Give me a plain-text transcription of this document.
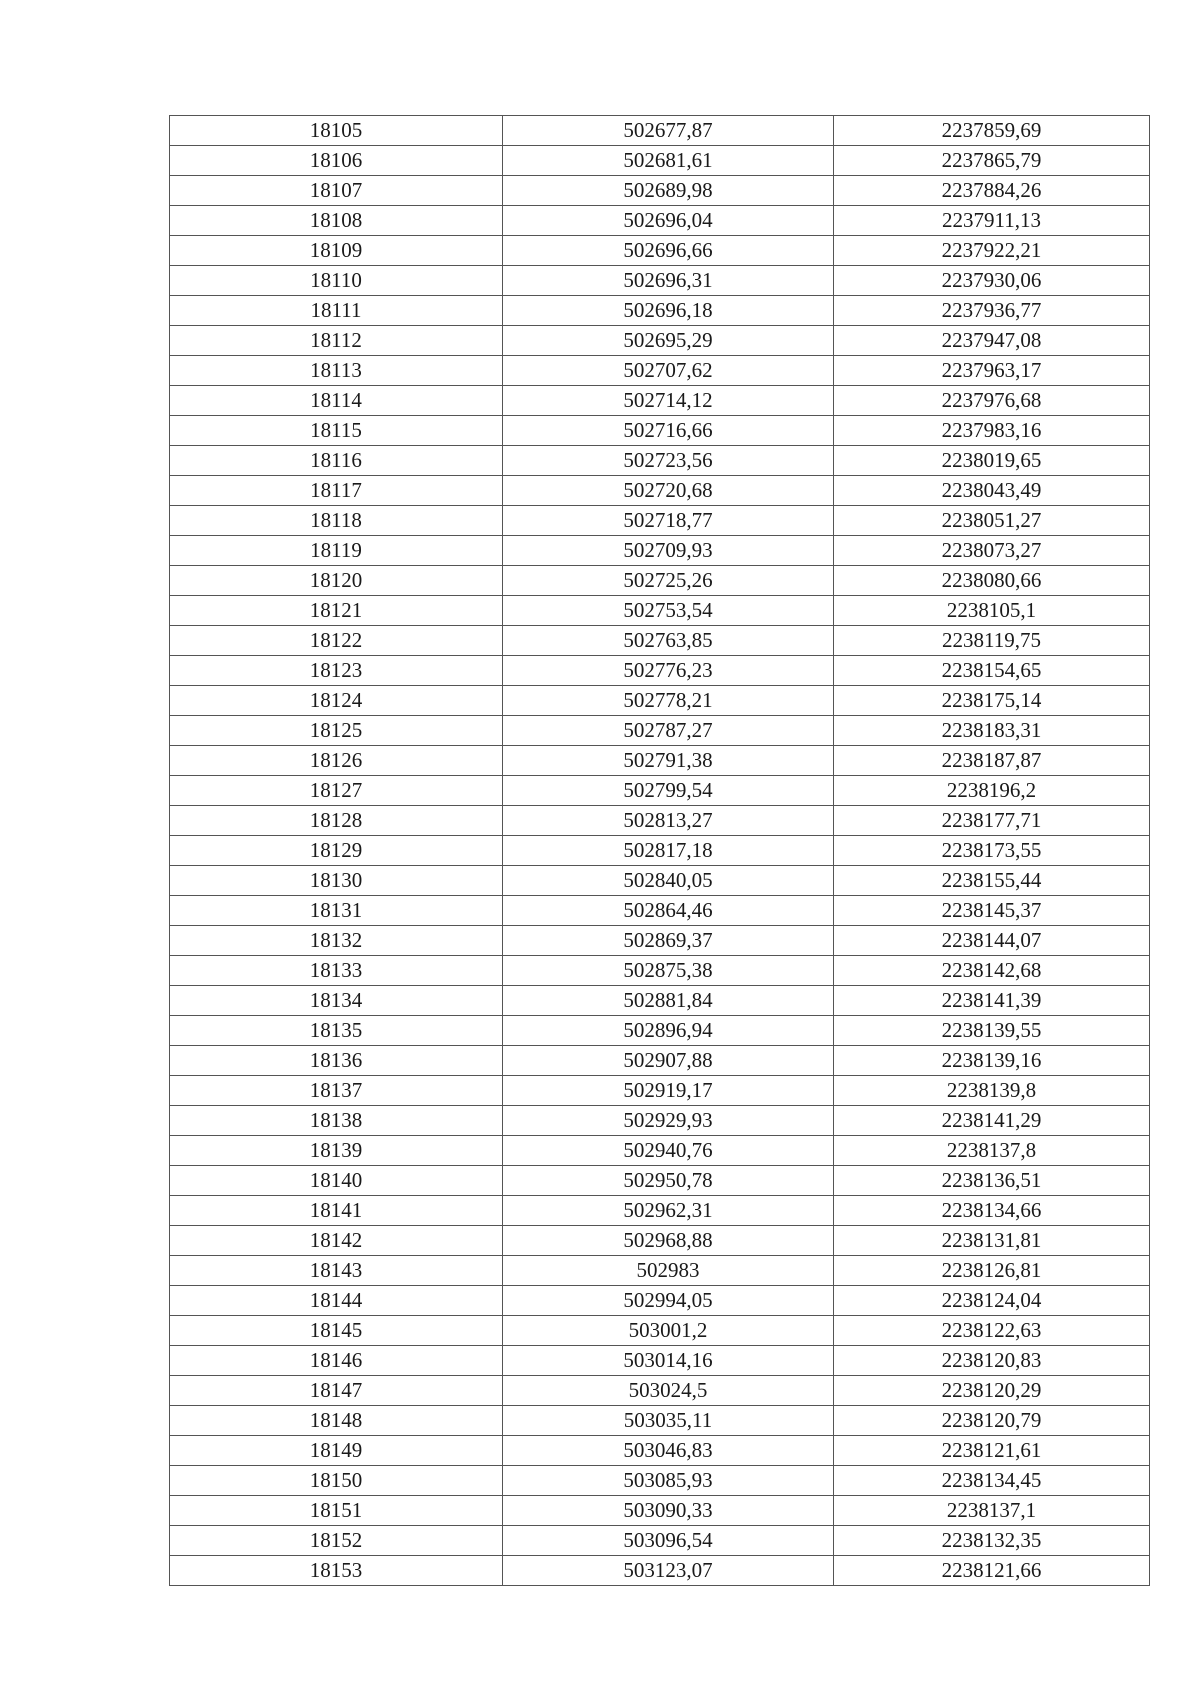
18105	502677,87	2237859,69
18106	502681,61	2237865,79
18107	502689,98	2237884,26
18108	502696,04	2237911,13
18109	502696,66	2237922,21
18110	502696,31	2237930,06
18111	502696,18	2237936,77
18112	502695,29	2237947,08
18113	502707,62	2237963,17
18114	502714,12	2237976,68
18115	502716,66	2237983,16
18116	502723,56	2238019,65
18117	502720,68	2238043,49
18118	502718,77	2238051,27
18119	502709,93	2238073,27
18120	502725,26	2238080,66
18121	502753,54	2238105,1
18122	502763,85	2238119,75
18123	502776,23	2238154,65
18124	502778,21	2238175,14
18125	502787,27	2238183,31
18126	502791,38	2238187,87
18127	502799,54	2238196,2
18128	502813,27	2238177,71
18129	502817,18	2238173,55
18130	502840,05	2238155,44
18131	502864,46	2238145,37
18132	502869,37	2238144,07
18133	502875,38	2238142,68
18134	502881,84	2238141,39
18135	502896,94	2238139,55
18136	502907,88	2238139,16
18137	502919,17	2238139,8
18138	502929,93	2238141,29
18139	502940,76	2238137,8
18140	502950,78	2238136,51
18141	502962,31	2238134,66
18142	502968,88	2238131,81
18143	502983	2238126,81
18144	502994,05	2238124,04
18145	503001,2	2238122,63
18146	503014,16	2238120,83
18147	503024,5	2238120,29
18148	503035,11	2238120,79
18149	503046,83	2238121,61
18150	503085,93	2238134,45
18151	503090,33	2238137,1
18152	503096,54	2238132,35
18153	503123,07	2238121,66
